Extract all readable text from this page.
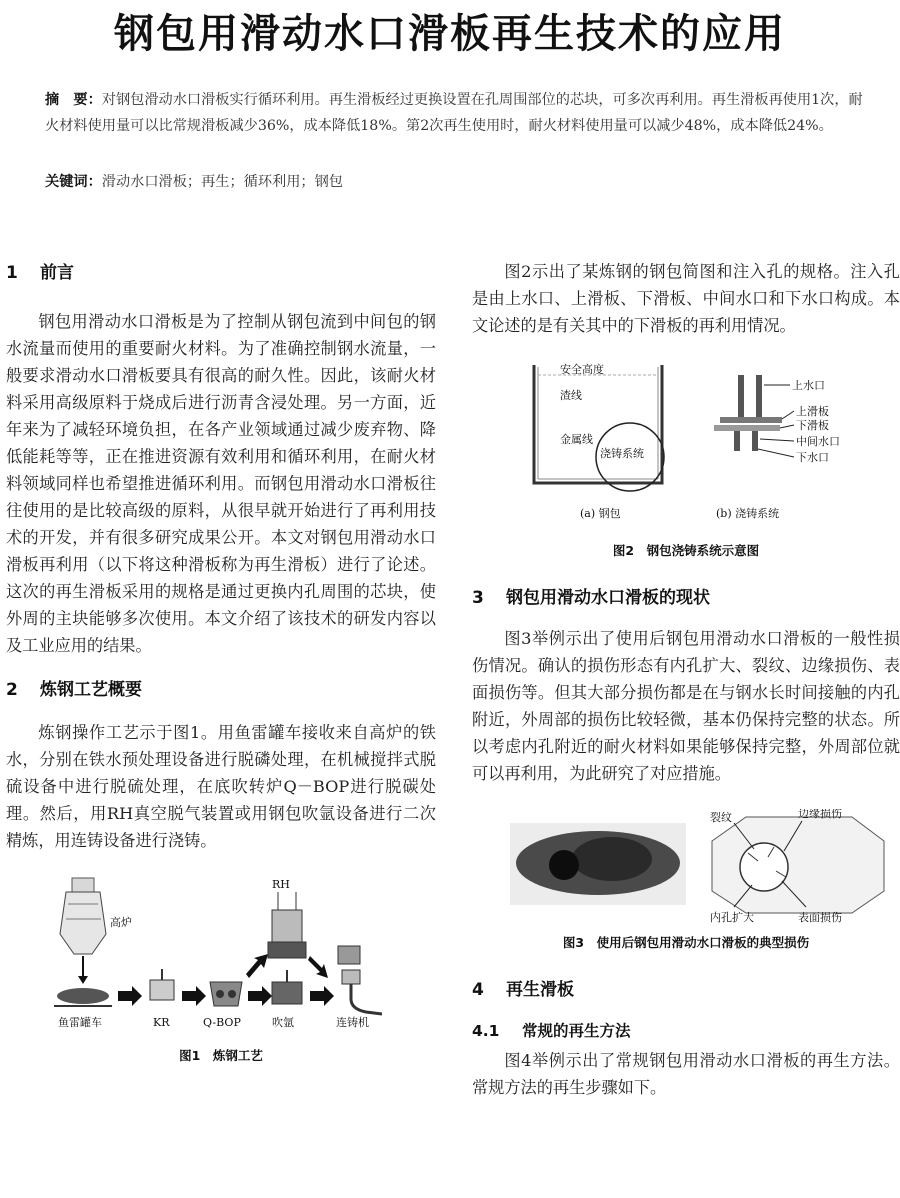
钢包用滑动水口滑板再生技术的应用
摘　要：对钢包滑动水口滑板实行循环利用。再生滑板经过更换设置在孔周围部位的芯块，可多次再利用。再生滑板再使用1次，耐火材料使用量可以比常规滑板减少36%，成本降低18%。第2次再生使用时，耐火材料使用量可以减少48%，成本降低24%。
关键词：滑动水口滑板；再生；循环利用；钢包
1 前言

钢包用滑动水口滑板是为了控制从钢包流到中间包的钢水流量而使用的重要耐火材料。为了准确控制钢水流量，一般要求滑动水口滑板要具有很高的耐久性。因此，该耐火材料采用高级原料于烧成后进行沥青含浸处理。另一方面，近年来为了减轻环境负担，在各产业领域通过减少废弃物、降低能耗等等，正在推进资源有效利用和循环利用，在耐火材料领域同样也希望推进循环利用。而钢包用滑动水口滑板往往使用的是比较高级的原料，从很早就开始进行了再利用技术的开发，并有很多研究成果公开。本文对钢包用滑动水口滑板再利用（以下将这种滑板称为再生滑板）进行了论述。这次的再生滑板采用的规格是通过更换内孔周围的芯块，使外周的主块能够多次使用。本文介绍了该技术的研发内容以及工业应用的结果。

2 炼钢工艺概要

炼钢操作工艺示于图1。用鱼雷罐车接收来自高炉的铁水，分别在铁水预处理设备进行脱磷处理，在机械搅拌式脱硫设备中进行脱硫处理，在底吹转炉Q－BOP进行脱碳处理。然后，用RH真空脱气装置或用钢包吹氩设备进行二次精炼，用连铸设备进行浇铸。

高炉
鱼雷罐车	KR	Q-BOP
RH
吹氩	连铸机
图1　炼钢工艺

图2示出了某炼钢的钢包简图和注入孔的规格。注入孔是由上水口、上滑板、下滑板、中间水口和下水口构成。本文论述的是有关其中的下滑板的再利用情况。

安全高度
渣线
金属线
浇铸系统
上水口
上滑板
下滑板
中间水口
下水口
(a) 钢包	(b) 浇铸系统
图2　钢包浇铸系统示意图
3 钢包用滑动水口滑板的现状

图3举例示出了使用后钢包用滑动水口滑板的一般性损伤情况。确认的损伤形态有内孔扩大、裂纹、边缘损伤、表面损伤等。但其大部分损伤都是在与钢水长时间接触的内孔附近，外周部的损伤比较轻微，基本仍保持完整的状态。所以考虑内孔附近的耐火材料如果能够保持完整，外周部位就可以再利用，为此研究了对应措施。

裂纹	边缘损伤
内孔扩大	表面损伤
图3　使用后钢包用滑动水口滑板的典型损伤
4 再生滑板
4.1 常规的再生方法

图4举例示出了常规钢包用滑动水口滑板的再生方法。常规方法的再生步骤如下。
